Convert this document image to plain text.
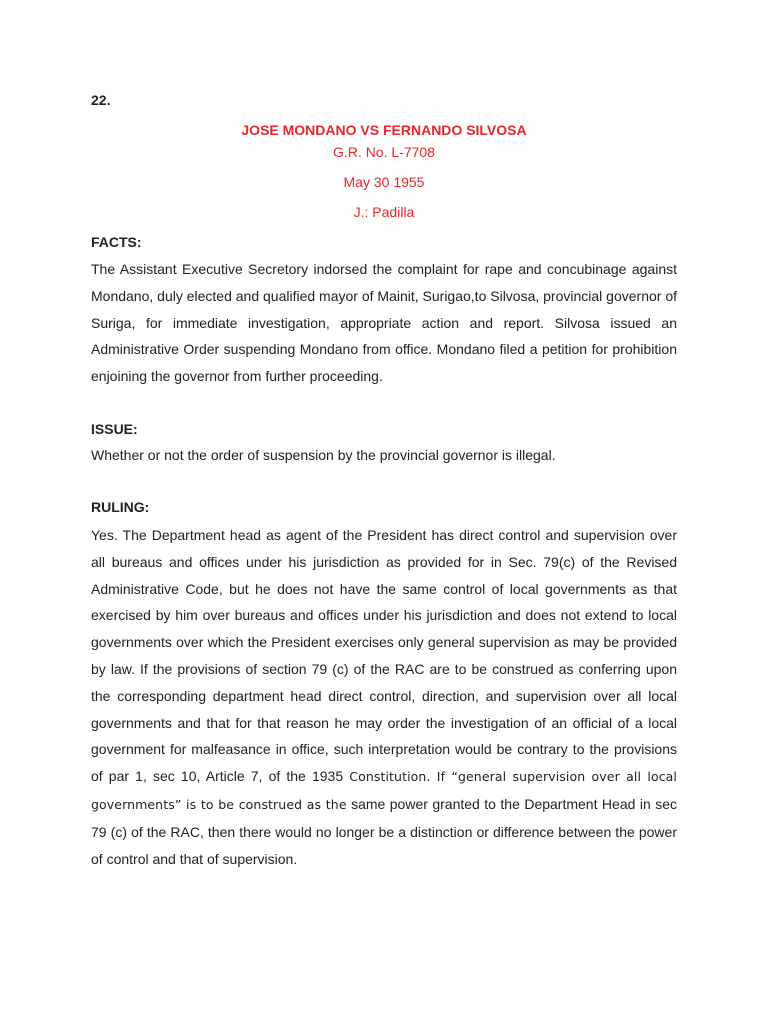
22.
JOSE MONDANO VS FERNANDO SILVOSA

G.R. No. L-7708

May 30 1955

J.: Padilla

FACTS:
The Assistant Executive Secretory indorsed the complaint for rape and concubinage against Mondano, duly elected and qualified mayor of Mainit, Surigao,to Silvosa, provincial governor of Suriga, for immediate investigation, appropriate action and report. Silvosa issued an Administrative Order suspending Mondano from office. Mondano filed a petition for prohibition enjoining the governor from further proceeding.
ISSUE:
Whether or not the order of suspension by the provincial governor is illegal.
RULING:
Yes. The Department head as agent of the President has direct control and supervision over all bureaus and offices under his jurisdiction as provided for in Sec. 79(c) of the Revised Administrative Code, but he does not have the same control of local governments as that exercised by him over bureaus and offices under his jurisdiction and does not extend to local governments over which the President exercises only general supervision as may be provided by law. If the provisions of section 79 (c) of the RAC are to be construed as conferring upon the corresponding department head direct control, direction, and supervision over all local governments and that for that reason he may order the investigation of an official of a local government for malfeasance in office, such interpretation would be contrary to the provisions of par 1, sec 10, Article 7, of the 1935 Constitution. If “general supervision over all local governments” is to be construed as the same power granted to the Department Head in sec 79 (c) of the RAC, then there would no longer be a distinction or difference between the power of control and that of supervision.
